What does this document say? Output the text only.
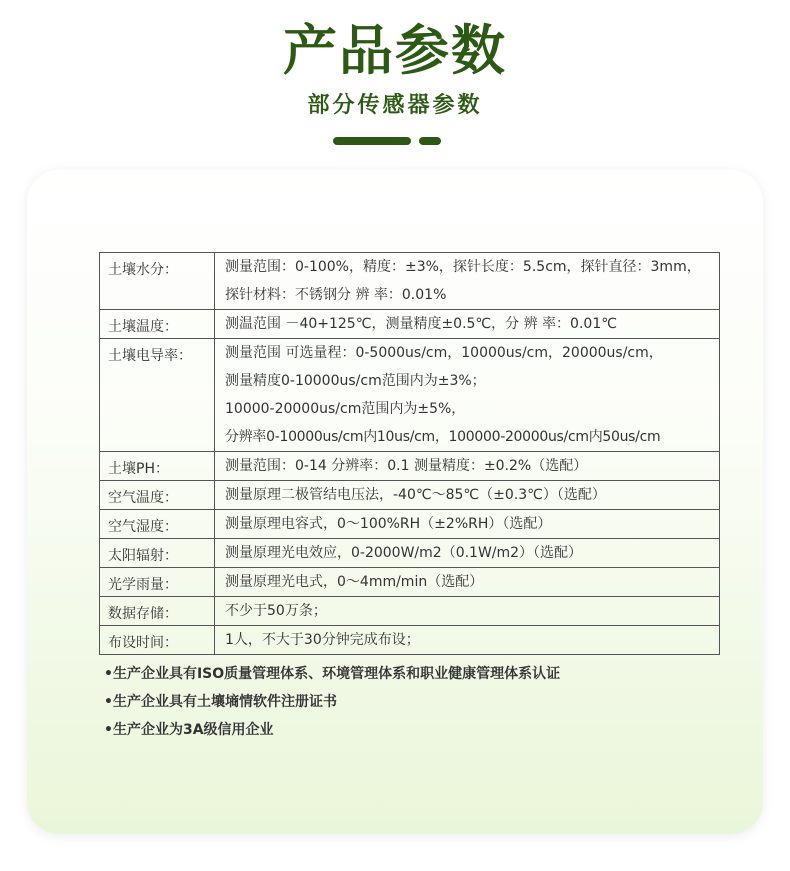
产品参数
部分传感器参数
土壤水分：	测量范围：0-100%，精度：±3%，探针长度：5.5cm，探针直径：3mm，
探针材料：不锈钢分 辨 率：0.01%

土壤温度：	测温范围 －40+125℃，测量精度±0.5℃，分 辨 率：0.01℃

土壤电导率：	测量范围 可选量程：0-5000us/cm，10000us/cm，20000us/cm，
测量精度0-10000us/cm范围内为±3%；
10000-20000us/cm范围内为±5%，
分辨率0-10000us/cm内10us/cm，100000-20000us/cm内50us/cm

土壤PH：	测量范围：0-14 分辨率：0.1 测量精度：±0.2%（选配）

空气温度：	测量原理二极管结电压法，-40℃～85℃（±0.3℃）（选配）

空气湿度：	测量原理电容式，0～100%RH（±2%RH）（选配）

太阳辐射：	测量原理光电效应，0-2000W/m2（0.1W/m2）（选配）

光学雨量：	测量原理光电式，0～4mm/min（选配）

数据存储：	不少于50万条；

布设时间：	1人，不大于30分钟完成布设；
•生产企业具有ISO质量管理体系、环境管理体系和职业健康管理体系认证
•生产企业具有土壤墒情软件注册证书
•生产企业为3A级信用企业
